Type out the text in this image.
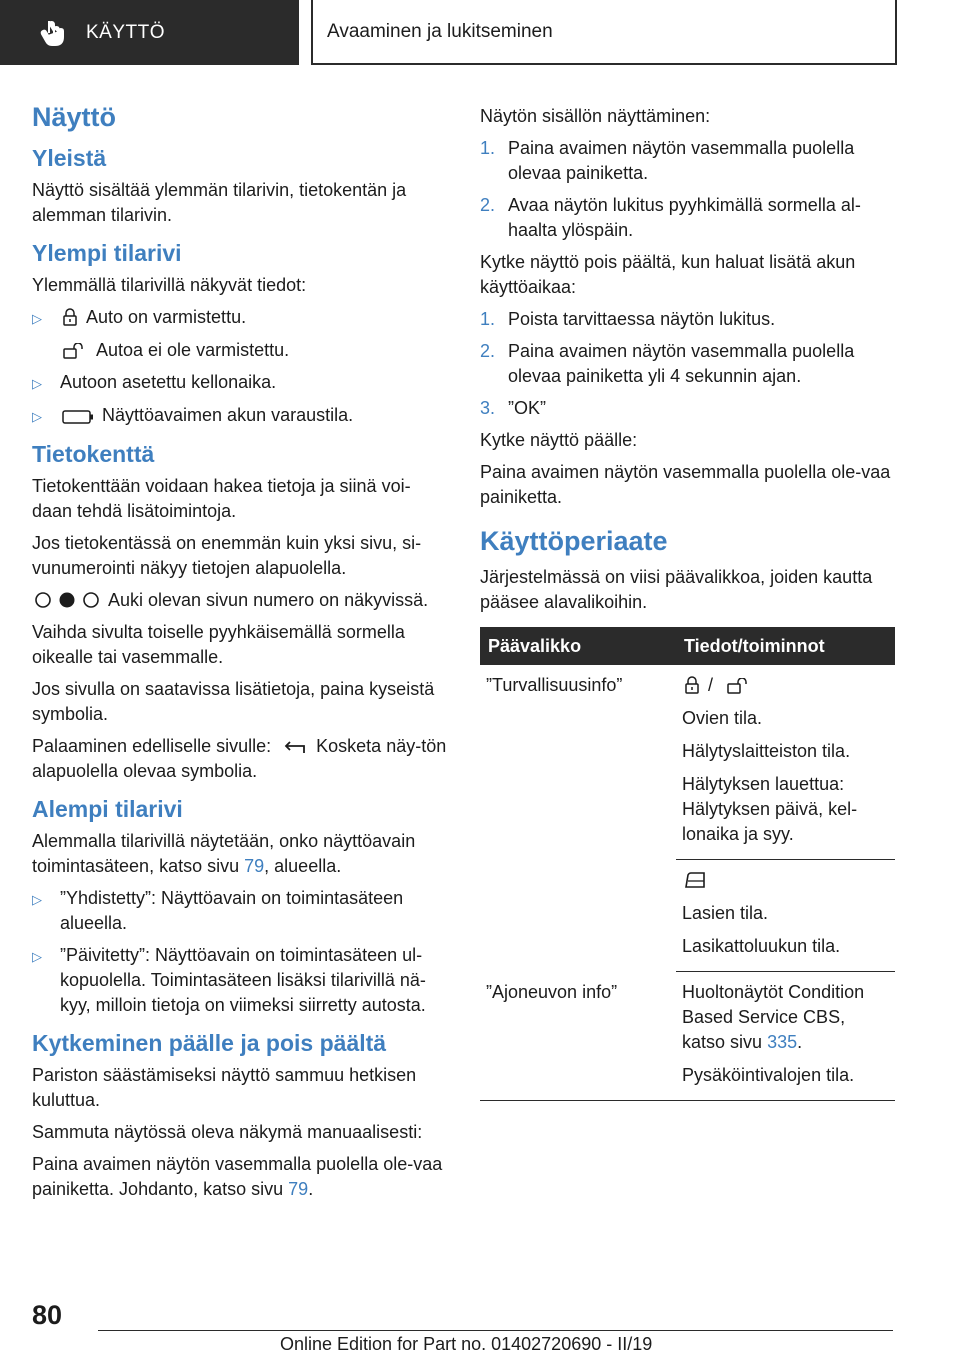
KÄYTTÖ	Avaaminen ja lukitseminen
Näyttö
Yleistä

Näyttö sisältää ylemmän tilarivin, tietokentän ja alemman tilarivin.

Ylempi tilarivi

Ylemmällä tilarivillä näkyvät tiedot:

▷	Auto on varmistettu.
Autoa ei ole varmistettu.
▷	Autoon asetettu kellonaika.
▷	Näyttöavaimen akun varaustila.
Tietokenttä

Tietokenttään voidaan hakea tietoja ja siinä voi-daan tehdä lisätoimintoja.

Jos tietokentässä on enemmän kuin yksi sivu, si-vunumerointi näkyy tietojen alapuolella.

Auki olevan sivun numero on näkyvissä.

Vaihda sivulta toiselle pyyhkäisemällä sormella oikealle tai vasemmalle.

Jos sivulla on saatavissa lisätietoja, paina kyseistä symbolia.

Palaaminen edelliselle sivulle:	Kosketa näy-tön alapuolella olevaa symbolia.

Alempi tilarivi

Alemmalla tilarivillä näytetään, onko näyttöavain toimintasäteen, katso sivu 79, alueella.

▷	”Yhdistetty”: Näyttöavain on toimintasäteen alueella.
▷	”Päivitetty”: Näyttöavain on toimintasäteen ul-kopuolella. Toimintasäteen lisäksi tilarivillä nä-kyy, milloin tietoja on viimeksi siirretty autosta.
Kytkeminen päälle ja pois päältä

Pariston säästämiseksi näyttö sammuu hetkisen kuluttua.

Sammuta näytössä oleva näkymä manuaalisesti:

Paina avaimen näytön vasemmalla puolella ole-vaa painiketta. Johdanto, katso sivu 79.

Näytön sisällön näyttäminen:

1. Paina avaimen näytön vasemmalla puolella olevaa painiketta.
2. Avaa näytön lukitus pyyhkimällä sormella al-haalta ylöspäin.

Kytke näyttö pois päältä, kun haluat lisätä akun käyttöaikaa:

1. Poista tarvittaessa näytön lukitus.
2. Paina avaimen näytön vasemmalla puolella olevaa painiketta yli 4 sekunnin ajan.
3. ”OK”

Kytke näyttö päälle:

Paina avaimen näytön vasemmalla puolella ole-vaa painiketta.

Käyttöperiaate

Järjestelmässä on viisi päävalikkoa, joiden kautta pääsee alavalikoihin.

Päävalikko	Tiedot/toiminnot
”Turvallisuusinfo”	/

Ovien tila.

Hälytyslaitteiston tila.

Hälytyksen lauettua: Hälytyksen päivä, kel-lonaika ja syy.

	Lasien tila.

Lasikattoluukun tila.

”Ajoneuvon info”	Huoltonäytöt Condition Based Service CBS, katso sivu 335.

Pysäköintivalojen tila.

80
Online Edition for Part no. 01402720690 - II/19
